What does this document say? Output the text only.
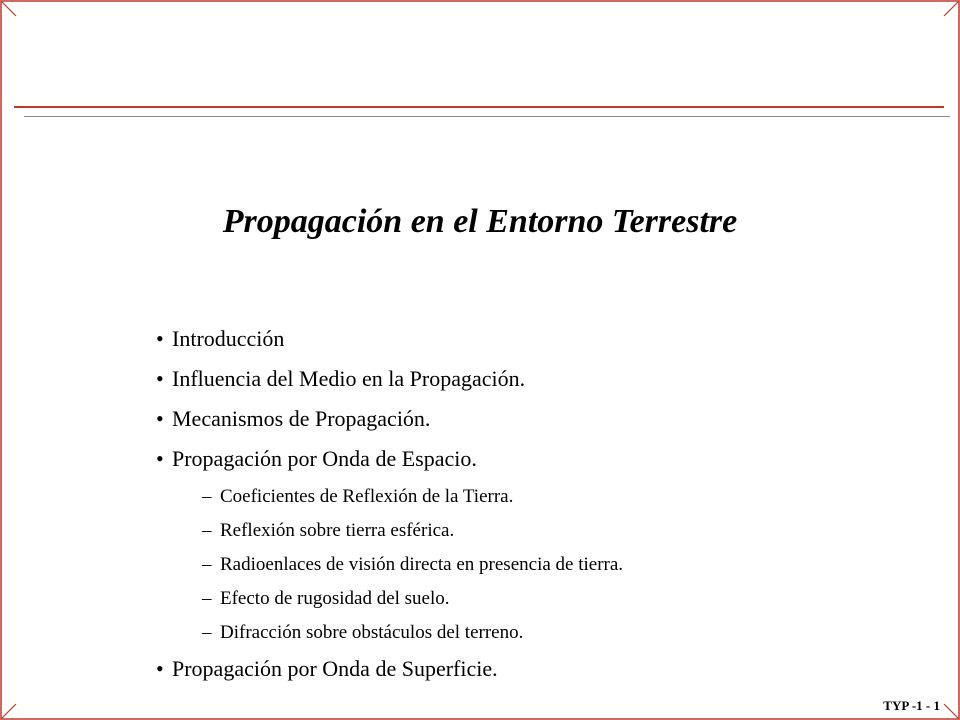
Propagación en el Entorno Terrestre
• Introducción
• Influencia del Medio en la Propagación.
• Mecanismos de Propagación.
• Propagación por Onda de Espacio.
– Coeficientes de Reflexión de la Tierra.
– Reflexión sobre tierra esférica.
– Radioenlaces de visión directa en presencia de tierra.
– Efecto de rugosidad del suelo.
– Difracción sobre obstáculos del terreno.
• Propagación por Onda de Superficie.
TYP -1 - 1
